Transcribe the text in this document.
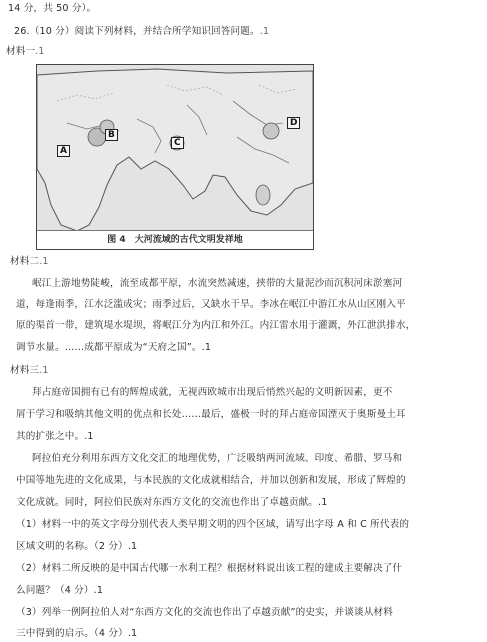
14 分，共 50 分）。
26.（10 分）阅读下列材料，并结合所学知识回答问题。.1
材料一.1
A
B
C
D
图 4　大河流域的古代文明发祥地
材料二.1
岷江上游地势陡峻，流至成都平原，水流突然减速，挟带的大量泥沙而沉积河床淤塞河
道，每逢雨季，江水泛滥成灾；雨季过后，又缺水干旱。李冰在岷江中游江水从山区刚入平
原的渠首一带，建筑堤水堤坝，将岷江分为内江和外江。内江雷水用于灌溉，外江泄洪排水，
调节水量。……成都平原成为“天府之国”。.1
材料三.1
拜占庭帝国拥有已有的辉煌成就，无视西欧城市出现后悄然兴起的文明新因素，更不
屑于学习和吸纳其他文明的优点和长处……最后，盛极一时的拜占庭帝国湮灭于奥斯曼土耳
其的扩张之中。.1
阿拉伯充分利用东西方文化交汇的地理优势，广泛吸纳两河流域、印度、希腊、罗马和
中国等地先进的文化成果，与本民族的文化成就相结合，并加以创新和发展，形成了辉煌的
文化成就。同时，阿拉伯民族对东西方文化的交流也作出了卓越贡献。.1
（1）材料一中的英文字母分别代表人类早期文明的四个区域，请写出字母 A 和 C 所代表的
区域文明的名称。（2 分）.1
（2）材料二所反映的是中国古代哪一水利工程？根据材料说出该工程的建成主要解决了什
么问题？（4 分）.1
（3）列举一例阿拉伯人对“东西方文化的交流也作出了卓越贡献”的史实，并谈谈从材料
三中得到的启示。（4 分）.1
